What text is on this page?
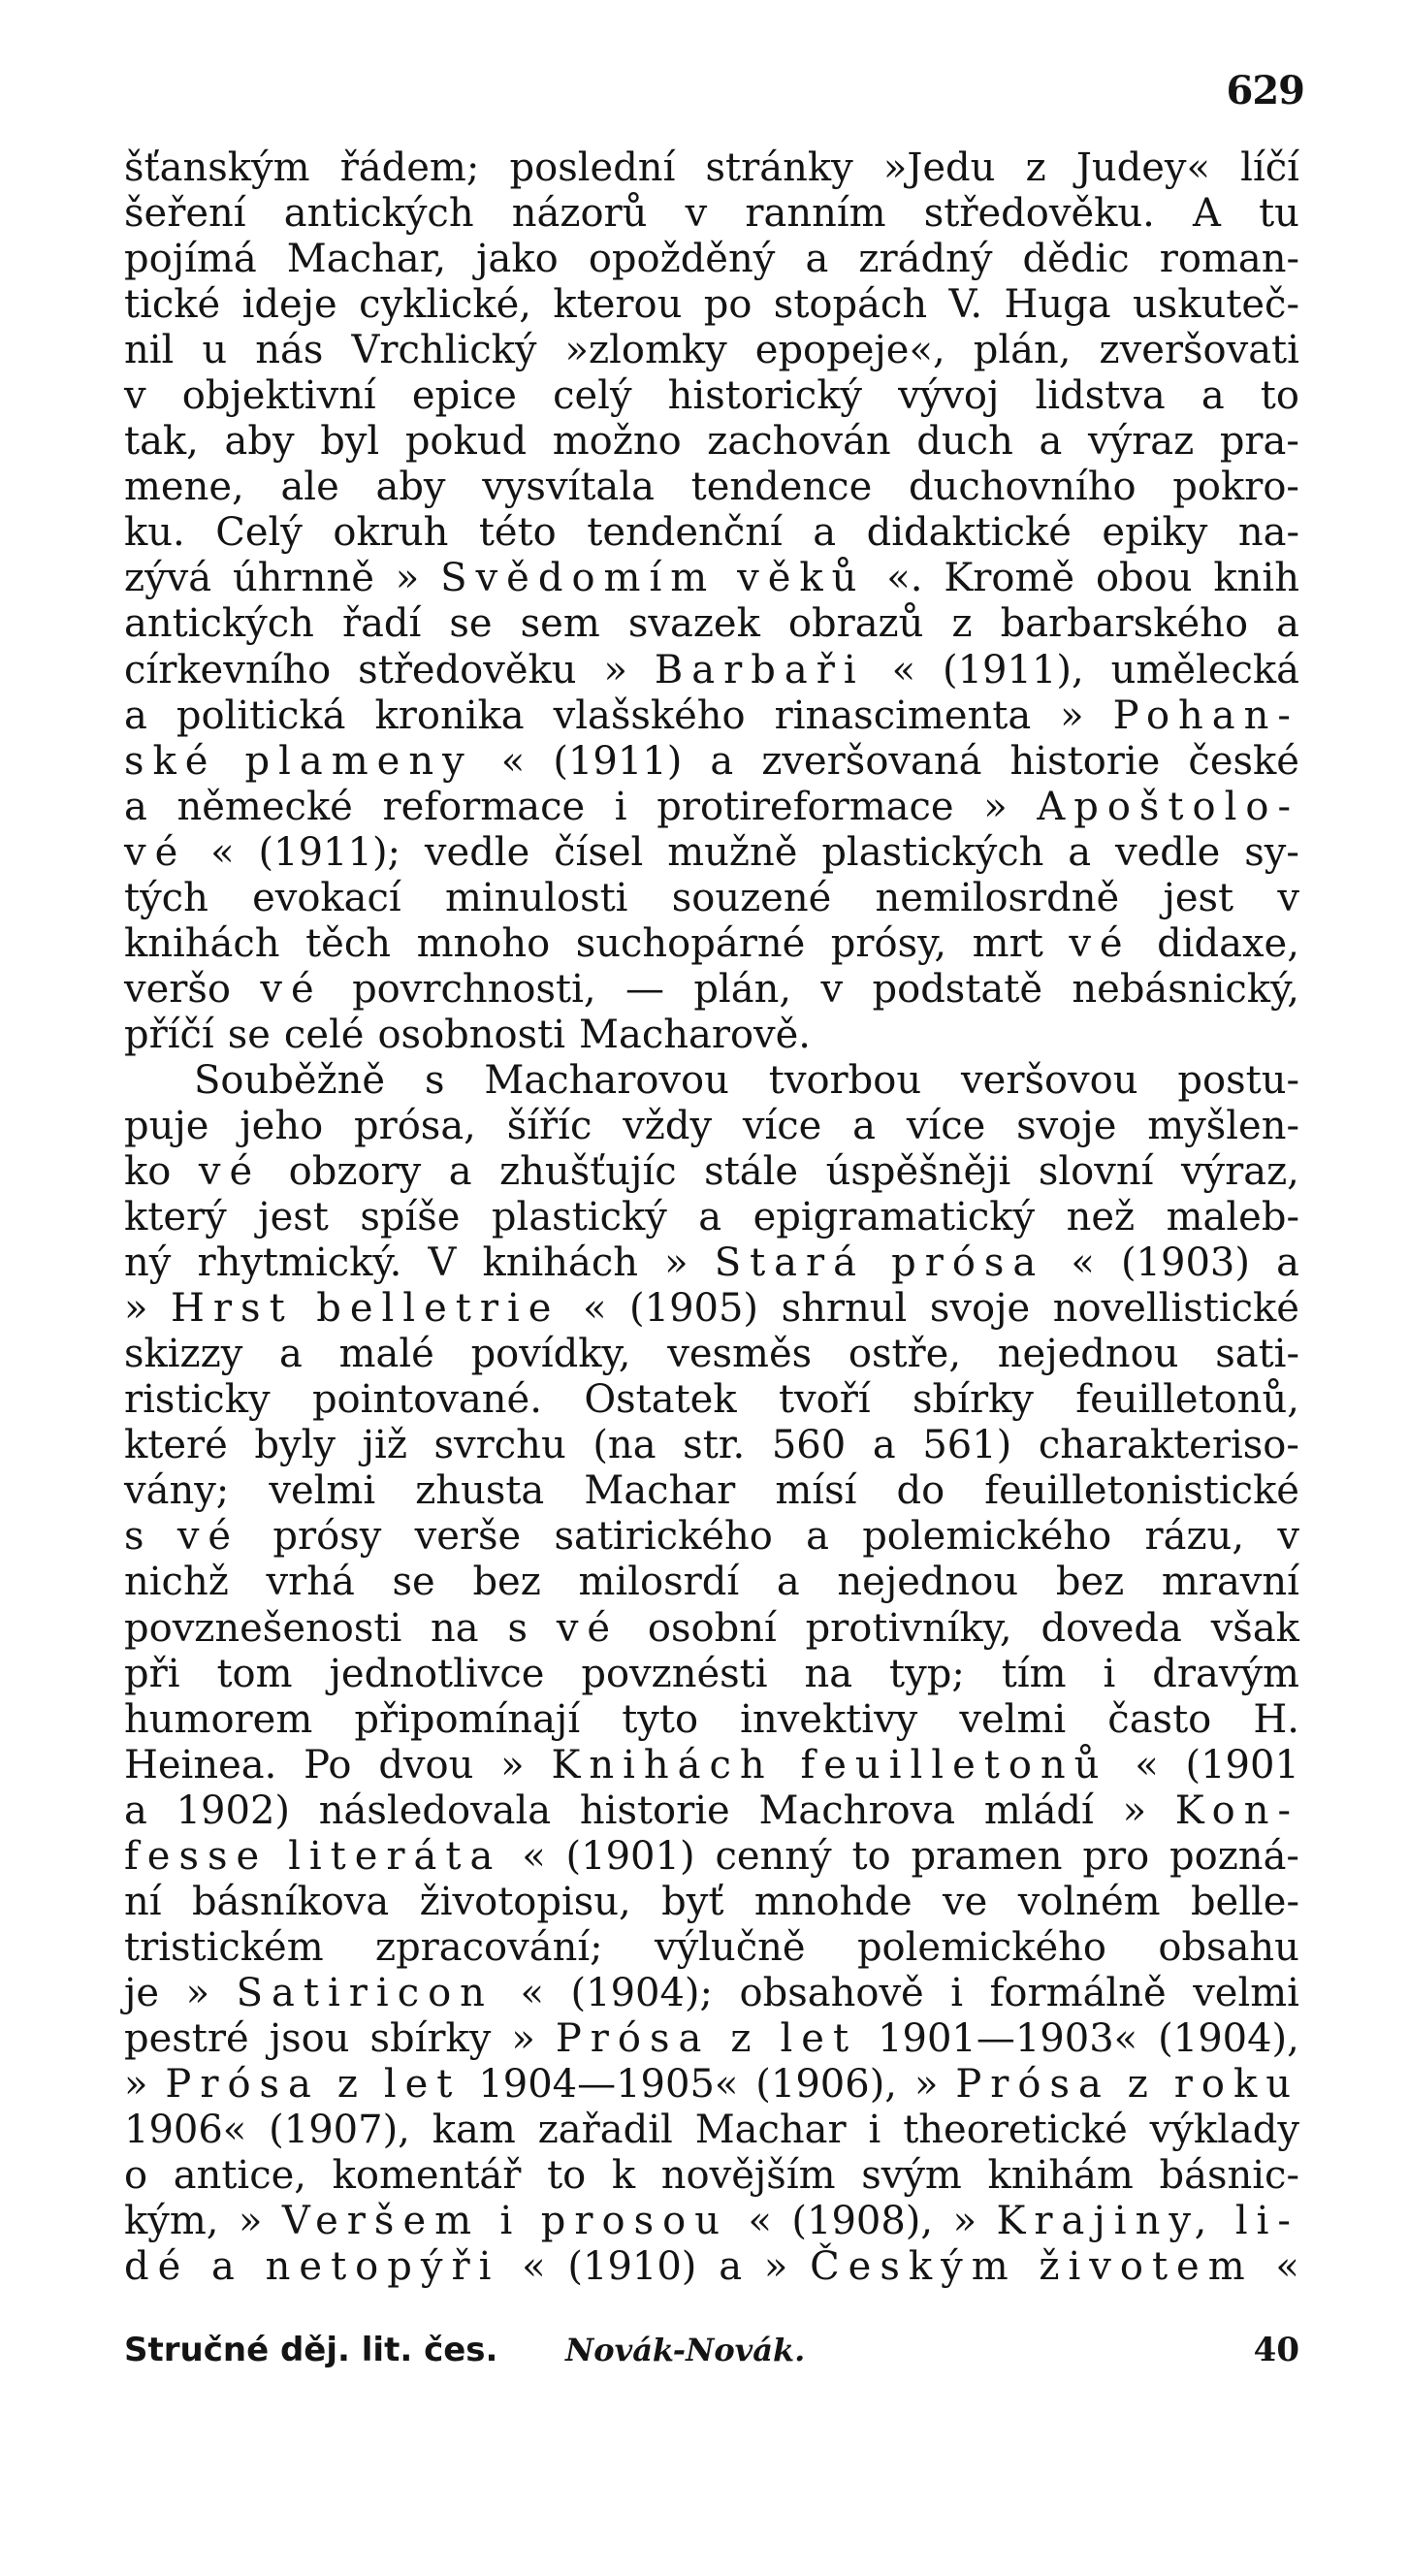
629
šťanským řádem; poslední stránky »Jedu z Judey« líčí
šeření antických názorů v ranním středověku. A tu
pojímá Machar, jako opožděný a zrádný dědic roman-
tické ideje cyklické, kterou po stopách V. Huga uskuteč-
nil u nás Vrchlický »zlomky epopeje«, plán, zveršovati
v objektivní epice celý historický vývoj lidstva a to
tak, aby byl pokud možno zachován duch a výraz pra-
mene, ale aby vysvítala tendence duchovního pokro-
ku. Celý okruh této tendenční a didaktické epiky na-
zývá úhrnně » Svědomím věků «. Kromě obou knih
antických řadí se sem svazek obrazů z barbarského a
církevního středověku » Barbaři « (1911), umělecká
a politická kronika vlašského rinascimenta » Pohan-
ské plameny « (1911) a zveršovaná historie české
a německé reformace i protireformace » Apoštolo-
vé « (1911); vedle čísel mužně plastických a vedle sy-
tých evokací minulosti souzené nemilosrdně jest v
knihách těch mnoho suchopárné prósy, mrt vé didaxe,
veršo vé povrchnosti, — plán, v podstatě nebásnický,
příčí se celé osobnosti Macharově.
Souběžně s Macharovou tvorbou veršovou postu-
puje jeho prósa, šíříc vždy více a více svoje myšlen-
ko vé obzory a zhušťujíc stále úspěšněji slovní výraz,
který jest spíše plastický a epigramatický než maleb-
ný rhytmický. V knihách » Stará prósa « (1903) a
» Hrst belletrie « (1905) shrnul svoje novellistické
skizzy a malé povídky, vesměs ostře, nejednou sati-
risticky pointované. Ostatek tvoří sbírky feuilletonů,
které byly již svrchu (na str. 560 a 561) charakteriso-
vány; velmi zhusta Machar mísí do feuilletonistické
s vé prósy verše satirického a polemického rázu, v
nichž vrhá se bez milosrdí a nejednou bez mravní
povznešenosti na s vé osobní protivníky, doveda však
při tom jednotlivce povznésti na typ; tím i dravým
humorem připomínají tyto invektivy velmi často H.
Heinea. Po dvou » Knihách feuilletonů « (1901
a 1902) následovala historie Machrova mládí » Kon-
fesse literáta « (1901) cenný to pramen pro pozná-
ní básníkova životopisu, byť mnohde ve volném belle-
tristickém zpracování; výlučně polemického obsahu
je » Satiricon « (1904); obsahově i formálně velmi
pestré jsou sbírky » Prósa z let 1901—1903« (1904),
» Prósa z let 1904—1905« (1906), » Prósa z roku
1906« (1907), kam zařadil Machar i theoretické výklady
o antice, komentář to k novějším svým knihám básnic-
kým, » Veršem i prosou « (1908), » Krajiny, li-
dé a netopýři « (1910) a » Českým životem «
Stručné děj. lit. čes. Novák-Novák.	40
